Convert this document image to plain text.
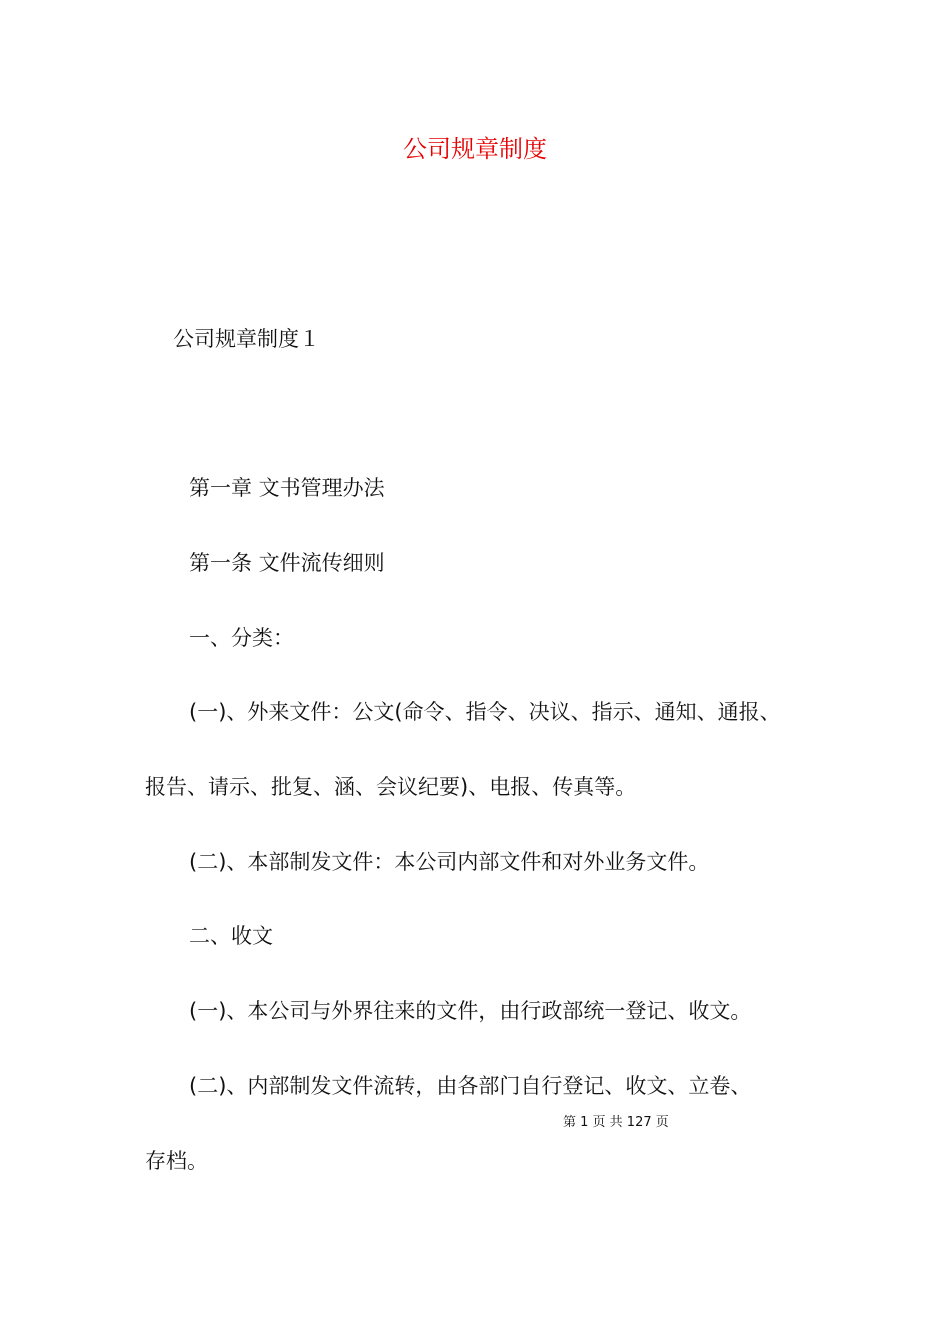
公司规章制度
公司规章制度１
第一章 文书管理办法
第一条 文件流传细则
一、分类：
(一)、外来文件：公文(命令、指令、决议、指示、通知、通报、
报告、请示、批复、涵、会议纪要)、电报、传真等。
(二)、本部制发文件：本公司内部文件和对外业务文件。
二、收文
(一)、本公司与外界往来的文件，由行政部统一登记、收文。
(二)、内部制发文件流转，由各部门自行登记、收文、立卷、
存档。
第 1 页 共 127 页
